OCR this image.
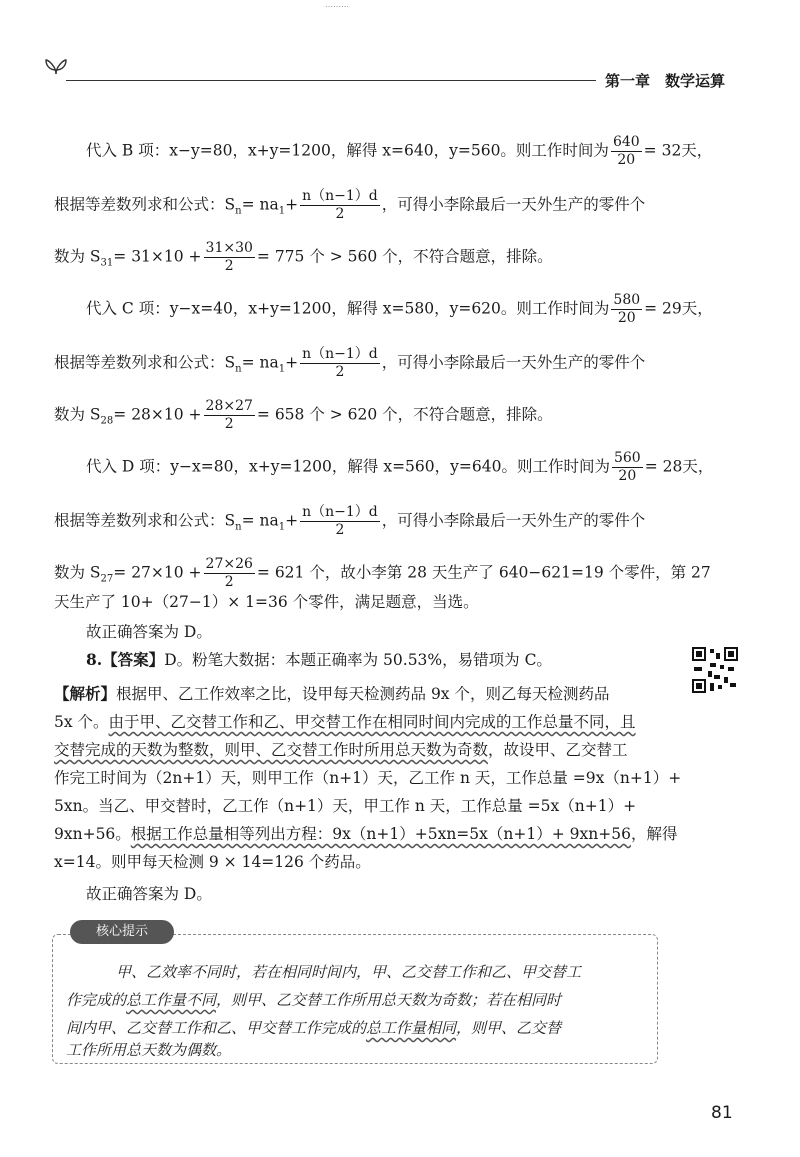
………
第一章　数学运算
代入 B 项：x−y=80，x+y=1200，解得 x=640，y=560。则工作时间为 $\frac{640}{20} = 32$天，
根据等差数列求和公式：$S_n= na_1+ \frac{n(n-1)d}{2}$ ，可得小李除最后一天外生产的零件个
数为 $S_{31}= 31\times 10 + \frac{31\times 30}{2} = 775$ 个 > 560 个，不符合题意，排除。
代入 C 项：y−x=40，x+y=1200，解得 x=580，y=620。则工作时间为 $\frac{580}{20} = 29$天，
根据等差数列求和公式：$S_n= na_1+ \frac{n(n-1)d}{2}$ ，可得小李除最后一天外生产的零件个
数为 $S_{28}= 28\times 10 + \frac{28\times 27}{2} = 658$ 个 > 620 个，不符合题意，排除。
代入 D 项：y−x=80，x+y=1200，解得 x=560，y=640。则工作时间为 $\frac{560}{20} = 28$天，
根据等差数列求和公式：$S_n= na_1+ \frac{n(n-1)d}{2}$ ，可得小李除最后一天外生产的零件个
数为 $S_{27}= 27\times 10 + \frac{27\times 26}{2} = 621$ 个，故小李第 28 天生产了 640−621=19 个零件，第 27
天生产了 10+（27−1）× 1=36 个零件，满足题意，当选。
故正确答案为 D。
8.【答案】D。粉笔大数据：本题正确率为 50.53%，易错项为 C。
【解析】根据甲、乙工作效率之比，设甲每天检测药品 9x 个，则乙每天检测药品
5x 个。由于甲、乙交替工作和乙、甲交替工作在相同时间内完成的工作总量不同，且
交替完成的天数为整数，则甲、乙交替工作时所用总天数为奇数，故设甲、乙交替工
作完工时间为（2n+1）天，则甲工作（n+1）天，乙工作 n 天，工作总量 =9x（n+1）+
5xn。当乙、甲交替时，乙工作（n+1）天，甲工作 n 天，工作总量 =5x（n+1）+
9xn+56。根据工作总量相等列出方程：9x（n+1）+5xn=5x（n+1）+ 9xn+56，解得
x=14。则甲每天检测 9 × 14=126 个药品。
故正确答案为 D。
核心提示
甲、乙效率不同时，若在相同时间内，甲、乙交替工作和乙、甲交替工
作完成的总工作量不同，则甲、乙交替工作所用总天数为奇数；若在相同时
间内甲、乙交替工作和乙、甲交替工作完成的总工作量相同，则甲、乙交替
工作所用总天数为偶数。
81
